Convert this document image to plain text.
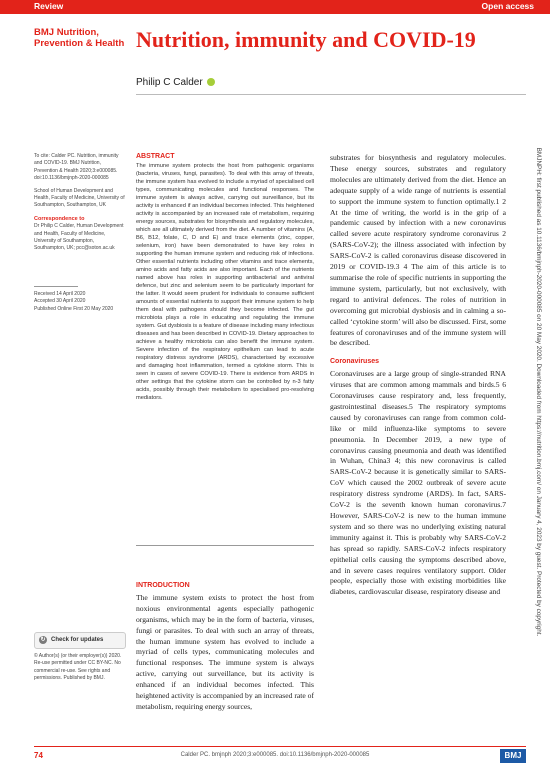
Review	Open access
BMJ Nutrition,
Prevention & Health Nutrition, immunity and COVID-19
Philip C Calder
To cite: Calder PC. Nutrition, immunity and COVID-19. BMJ Nutrition, Prevention & Health 2020;3:e000085. doi:10.1136/bmjnph-2020-000085
School of Human Development and Health, Faculty of Medicine, University of Southampton, Southampton, UK
Correspondence to
Dr Philip C Calder, Human Development and Health, Faculty of Medicine, University of Southampton, Southampton, UK; pcc@soton.ac.uk
Received 14 April 2020
Accepted 30 April 2020
Published Online First 20 May 2020
↻ Check for updates
© Author(s) (or their employer(s)) 2020. Re-use permitted under CC BY-NC. No commercial re-use. See rights and permissions. Published by BMJ.
ABSTRACT

The immune system protects the host from pathogenic organisms (bacteria, viruses, fungi, parasites). To deal with this array of threats, the immune system has evolved to include a myriad of specialised cell types, communicating molecules and functional responses. The immune system is always active, carrying out surveillance, but its activity is enhanced if an individual becomes infected. This heightened activity is accompanied by an increased rate of metabolism, requiring energy sources, substrates for biosynthesis and regulatory molecules, which are all ultimately derived from the diet. A number of vitamins (A, B6, B12, folate, C, D and E) and trace elements (zinc, copper, selenium, iron) have been demonstrated to have key roles in supporting the human immune system and reducing risk of infections. Other essential nutrients including other vitamins and trace elements, amino acids and fatty acids are also important. Each of the nutrients named above has roles in supporting antibacterial and antiviral defence, but zinc and selenium seem to be particularly important for the latter. It would seem prudent for individuals to consume sufficient amounts of essential nutrients to support their immune system to help them deal with pathogens should they become infected. The gut microbiota plays a role in educating and regulating the immune system. Gut dysbiosis is a feature of disease including many infectious diseases and has been described in COVID-19. Dietary approaches to achieve a healthy microbiota can also benefit the immune system. Severe infection of the respiratory epithelium can lead to acute respiratory distress syndrome (ARDS), characterised by excessive and damaging host inflammation, termed a cytokine storm. This is seen in cases of severe COVID-19. There is evidence from ARDS in other settings that the cytokine storm can be controlled by n-3 fatty acids, possibly through their metabolism to specialised pro-resolving mediators.

INTRODUCTION

The immune system exists to protect the host from noxious environmental agents especially pathogenic organisms, which may be in the form of bacteria, viruses, fungi or parasites. To deal with such an array of threats, the human immune system has evolved to include a myriad of cells types, communicating molecules and functional responses. The immune system is always active, carrying out surveillance, but its activity is enhanced if an individual becomes infected. This heightened activity is accompanied by an increased rate of metabolism, requiring energy sources,

substrates for biosynthesis and regulatory molecules. These energy sources, substrates and regulatory molecules are ultimately derived from the diet. Hence an adequate supply of a wide range of nutrients is essential to support the immune system to function optimally.1 2 At the time of writing, the world is in the grip of a pandemic caused by infection with a new coronavirus called severe acute respiratory syndrome coronavirus 2 (SARS-CoV-2); the illness associated with infection by SARS-CoV-2 is called coronavirus disease discovered in 2019 or COVID-19.3 4 The aim of this article is to summarise the role of specific nutrients in supporting the immune system, particularly, but not exclusively, with regard to antiviral defences. The roles of nutrition in overcoming gut microbial dysbiosis and in calming a so-called ‘cytokine storm’ will also be discussed. First, some features of coronaviruses and of the immune system will be described.

Coronaviruses

Coronaviruses are a large group of single-stranded RNA viruses that are common among mammals and birds.5 6 Coronaviruses cause respiratory and, less frequently, gastrointestinal diseases.5 The respiratory symptoms caused by coronaviruses can range from common cold-like or mild influenza-like symptoms to severe pneumonia. In December 2019, a new type of coronavirus causing pneumonia and death was identified in Wuhan, China3 4; this new coronavirus is called SARS-CoV-2 because it is genetically similar to SARS-CoV which caused the 2002 outbreak of severe acute respiratory distress syndrome (ARDS). In fact, SARS-CoV-2 is the seventh known human coronavirus.7 However, SARS-CoV-2 is new to the human immune system and so there was no underlying existing natural immunity against it. This is probably why SARS-CoV-2 has spread so rapidly. SARS-CoV-2 infects respiratory epithelial cells causing the symptoms described above, and in severe cases requires ventilatory support. Older people, especially those with existing morbidities like diabetes, cardiovascular disease, respiratory disease and	BMJNPH: first published as 10.1136/bmjnph-2020-000085 on 20 May 2020. Downloaded from https://nutrition.bmj.com/ on January 4, 2023 by guest. Protected by copyright.
74	Calder PC. bmjnph 2020;3:e000085. doi:10.1136/bmjnph-2020-000085	BMJ
